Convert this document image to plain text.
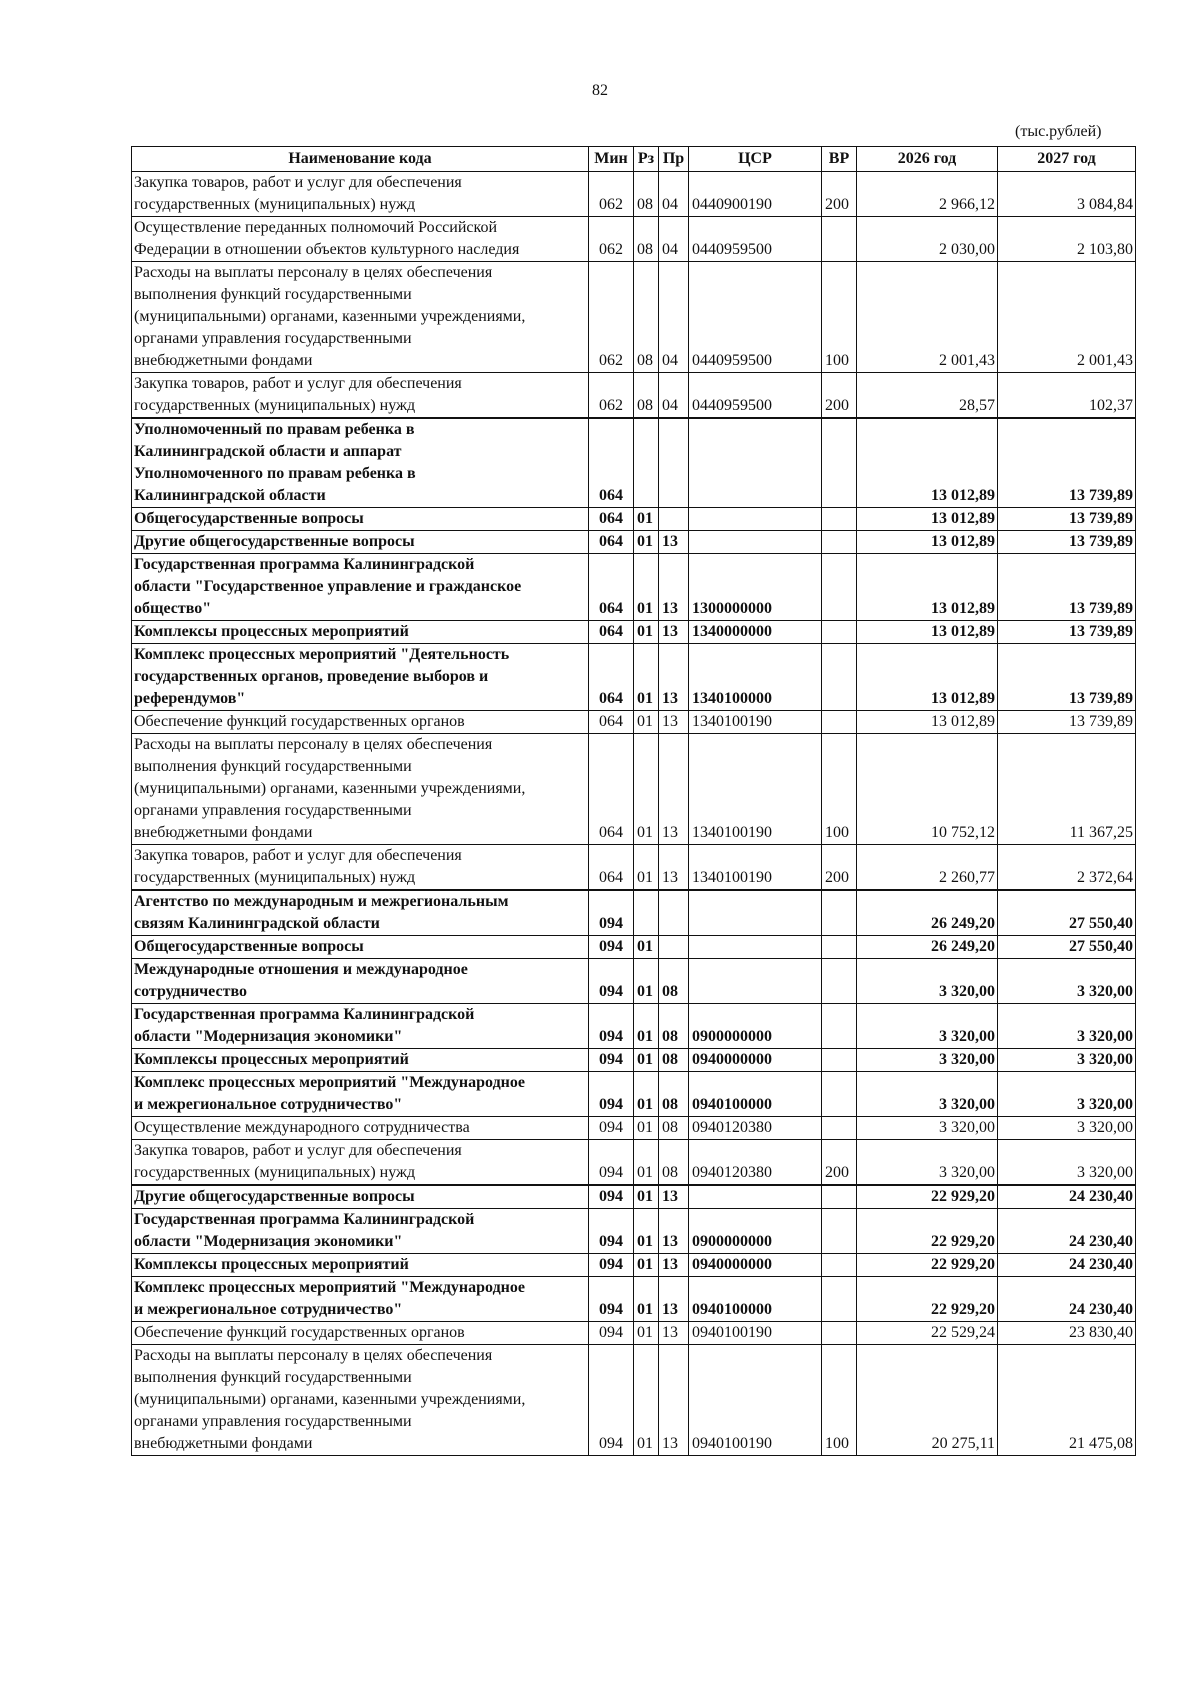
82
(тыс.рублей)
Наименование кода	Мин	Рз	Пр	ЦСР	ВР	2026 год	2027 год
Закупка товаров, работ и услуг для обеспечения
государственных (муниципальных) нужд	062	08	04	0440900190	200	2 966,12	3 084,84
Осуществление переданных полномочий Российской
Федерации в отношении объектов культурного наследия	062	08	04	0440959500		2 030,00	2 103,80
Расходы на выплаты персоналу в целях обеспечения
выполнения функций государственными
(муниципальными) органами, казенными учреждениями,
органами управления государственными
внебюджетными фондами	062	08	04	0440959500	100	2 001,43	2 001,43
Закупка товаров, работ и услуг для обеспечения
государственных (муниципальных) нужд	062	08	04	0440959500	200	28,57	102,37
Уполномоченный по правам ребенка в
Калининградской области и аппарат
Уполномоченного по правам ребенка в
Калининградской области	064					13 012,89	13 739,89
Общегосударственные вопросы	064	01				13 012,89	13 739,89
Другие общегосударственные вопросы	064	01	13			13 012,89	13 739,89
Государственная программа Калининградской
области "Государственное управление и гражданское
общество"	064	01	13	1300000000		13 012,89	13 739,89
Комплексы процессных мероприятий	064	01	13	1340000000		13 012,89	13 739,89
Комплекс процессных мероприятий "Деятельность
государственных органов, проведение выборов и
референдумов"	064	01	13	1340100000		13 012,89	13 739,89
Обеспечение функций государственных органов	064	01	13	1340100190		13 012,89	13 739,89
Расходы на выплаты персоналу в целях обеспечения
выполнения функций государственными
(муниципальными) органами, казенными учреждениями,
органами управления государственными
внебюджетными фондами	064	01	13	1340100190	100	10 752,12	11 367,25
Закупка товаров, работ и услуг для обеспечения
государственных (муниципальных) нужд	064	01	13	1340100190	200	2 260,77	2 372,64
Агентство по международным и межрегиональным
связям Калининградской области	094					26 249,20	27 550,40
Общегосударственные вопросы	094	01				26 249,20	27 550,40
Международные отношения и международное
сотрудничество	094	01	08			3 320,00	3 320,00
Государственная программа Калининградской
области "Модернизация экономики"	094	01	08	0900000000		3 320,00	3 320,00
Комплексы процессных мероприятий	094	01	08	0940000000		3 320,00	3 320,00
Комплекс процессных мероприятий "Международное
и межрегиональное сотрудничество"	094	01	08	0940100000		3 320,00	3 320,00
Осуществление международного сотрудничества	094	01	08	0940120380		3 320,00	3 320,00
Закупка товаров, работ и услуг для обеспечения
государственных (муниципальных) нужд	094	01	08	0940120380	200	3 320,00	3 320,00
Другие общегосударственные вопросы	094	01	13			22 929,20	24 230,40
Государственная программа Калининградской
области "Модернизация экономики"	094	01	13	0900000000		22 929,20	24 230,40
Комплексы процессных мероприятий	094	01	13	0940000000		22 929,20	24 230,40
Комплекс процессных мероприятий "Международное
и межрегиональное сотрудничество"	094	01	13	0940100000		22 929,20	24 230,40
Обеспечение функций государственных органов	094	01	13	0940100190		22 529,24	23 830,40
Расходы на выплаты персоналу в целях обеспечения
выполнения функций государственными
(муниципальными) органами, казенными учреждениями,
органами управления государственными
внебюджетными фондами	094	01	13	0940100190	100	20 275,11	21 475,08
